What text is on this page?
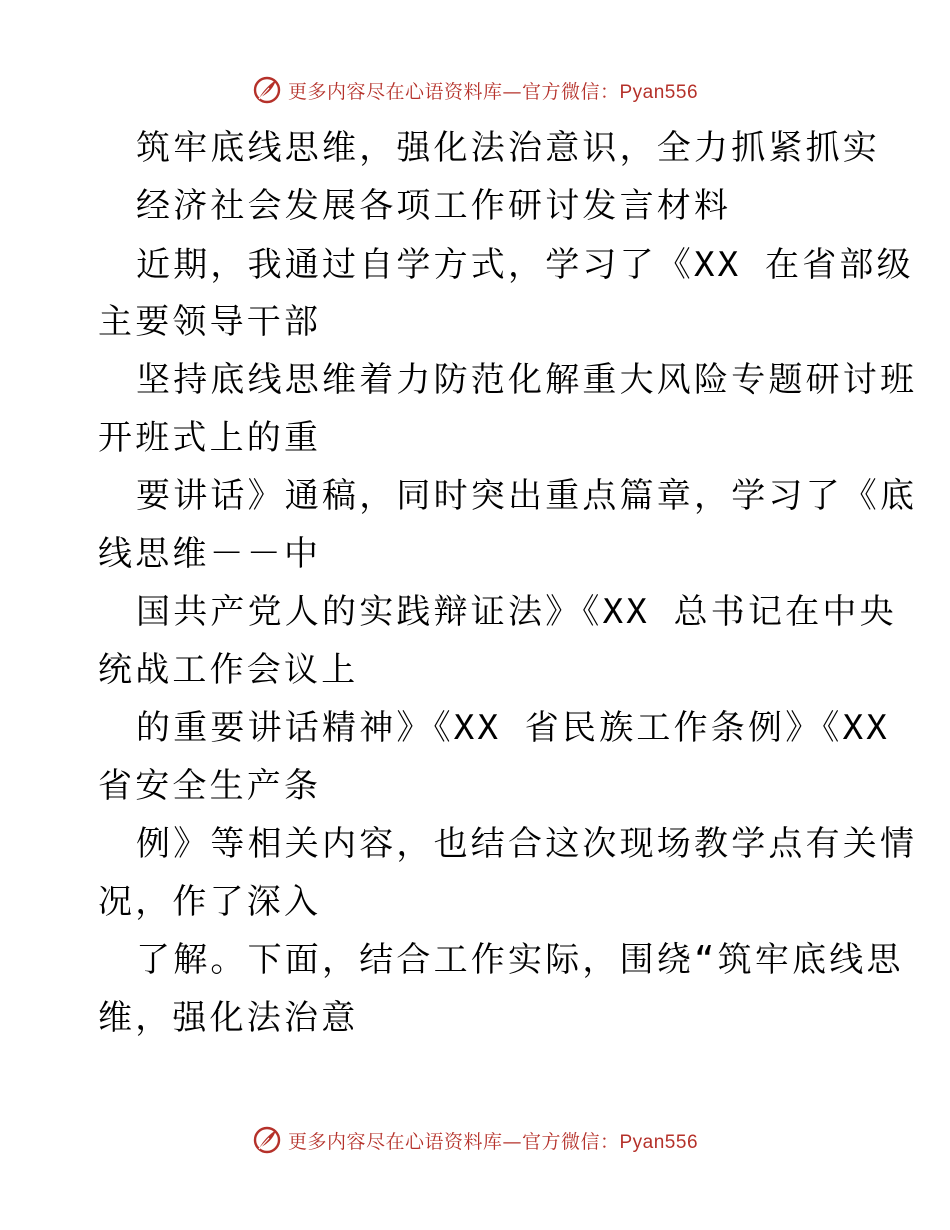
更多内容尽在心语资料库—官方微信：Pyan556
筑牢底线思维，强化法治意识，全力抓紧抓实
经济社会发展各项工作研讨发言材料
近期，我通过自学方式，学习了《XX 在省部级
主要领导干部
坚持底线思维着力防范化解重大风险专题研讨班
开班式上的重
要讲话》通稿，同时突出重点篇章，学习了《底
线思维－－中
国共产党人的实践辩证法》《XX 总书记在中央
统战工作会议上
的重要讲话精神》《XX 省民族工作条例》《XX
省安全生产条
例》等相关内容，也结合这次现场教学点有关情
况，作了深入
了解。下面，结合工作实际，围绕“筑牢底线思
维，强化法治意
更多内容尽在心语资料库—官方微信：Pyan556
